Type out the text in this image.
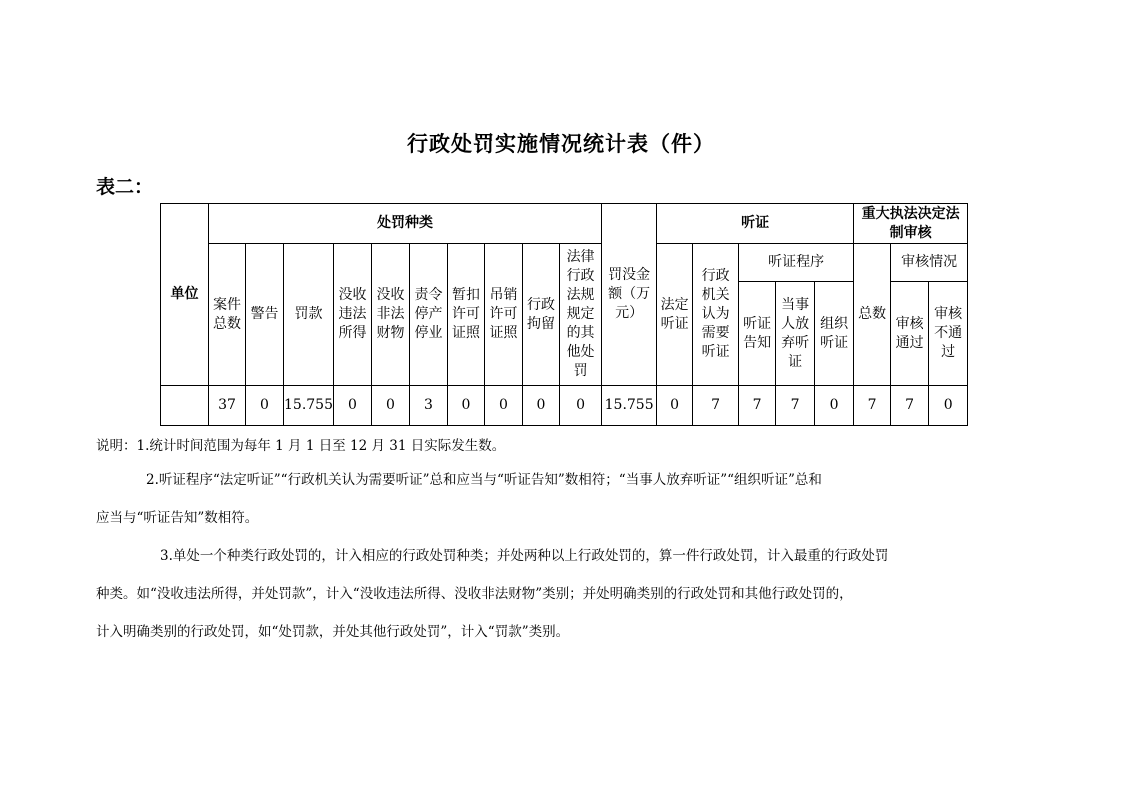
行政处罚实施情况统计表（件）
表二：
单位	处罚种类										罚没金额（万元）	听证					重大执法决定法制审核		

	案件总数	警告	罚款	没收违法所得	没收非法财物	责令停产停业	暂扣许可证照	吊销许可证照	行政拘留	法律行政法规规定的其他处罚		法定听证	行政机关认为需要听证	听证程序			总数	审核情况	

														听证告知	当事人放弃听证	组织听证		审核通过	审核不通过

	37	0	15.755	0	0	3	0	0	0	0	15.755	0	7	7	7	0	7	7	0

说明：1.统计时间范围为每年 1 月 1 日至 12 月 31 日实际发生数。

2.听证程序“法定听证”“行政机关认为需要听证”总和应当与“听证告知”数相符；“当事人放弃听证”“组织听证”总和

应当与“听证告知”数相符。

3.单处一个种类行政处罚的，计入相应的行政处罚种类；并处两种以上行政处罚的，算一件行政处罚，计入最重的行政处罚

种类。如“没收违法所得，并处罚款”，计入“没收违法所得、没收非法财物”类别；并处明确类别的行政处罚和其他行政处罚的，

计入明确类别的行政处罚，如“处罚款，并处其他行政处罚”，计入“罚款”类别。
